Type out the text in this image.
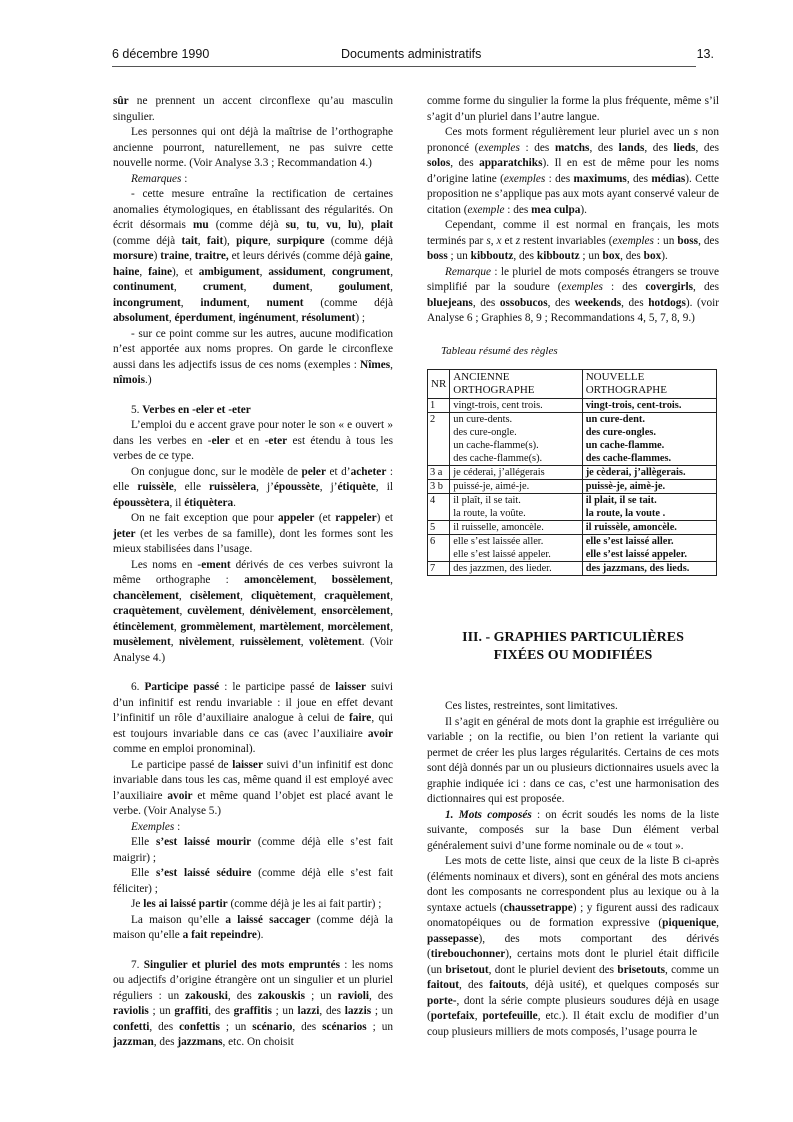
6 décembre 1990	Documents administratifs	13.

sûr ne prennent un accent circonflexe qu’au masculin singulier.

Les personnes qui ont déjà la maîtrise de l’orthographe ancienne pourront, naturellement, ne pas suivre cette nouvelle norme. (Voir Analyse 3.3 ; Recommandation 4.)

Remarques :

- cette mesure entraîne la rectification de certaines anomalies étymologiques, en établissant des régularités. On écrit désormais mu (comme déjà su, tu, vu, lu), plait (comme déjà tait, fait), piqure, surpiqure (comme déjà morsure) traine, traitre, et leurs dérivés (comme déjà gaine, haine, faine), et ambigument, assidument, congrument, continument, crument, dument, goulument, incongrument, indument, nument (comme déjà absolument, éperdument, ingénument, résolument) ;

- sur ce point comme sur les autres, aucune modification n’est apportée aux noms propres. On garde le circonflexe aussi dans les adjectifs issus de ces noms (exemples : Nîmes, nîmois.)

5. Verbes en -eler et -eter

L’emploi du e accent grave pour noter le son « e ouvert » dans les verbes en -eler et en -eter est étendu à tous les verbes de ce type.

On conjugue donc, sur le modèle de peler et d’acheter : elle ruissèle, elle ruissèlera, j’époussète, j’étiquète, il époussètera, il étiquètera.

On ne fait exception que pour appeler (et rappeler) et jeter (et les verbes de sa famille), dont les formes sont les mieux stabilisées dans l’usage.

Les noms en -ement dérivés de ces verbes suivront la même orthographe : amoncèlement, bossèlement, chancèlement, cisèlement, cliquètement, craquèlement, craquètement, cuvèlement, dénivèlement, ensorcèlement, étincèlement, grommèlement, martèlement, morcèlement, musèlement, nivèlement, ruissèlement, volètement. (Voir Analyse 4.)

6. Participe passé : le participe passé de laisser suivi d’un infinitif est rendu invariable : il joue en effet devant l’infinitif un rôle d’auxiliaire analogue à celui de faire, qui est toujours invariable dans ce cas (avec l’auxiliaire avoir comme en emploi pronominal).

Le participe passé de laisser suivi d’un infinitif est donc invariable dans tous les cas, même quand il est employé avec l’auxiliaire avoir et même quand l’objet est placé avant le verbe. (Voir Analyse 5.)

Exemples :

Elle s’est laissé mourir (comme déjà elle s’est fait maigrir) ;

Elle s’est laissé séduire (comme déjà elle s’est fait féliciter) ;

Je les ai laissé partir (comme déjà je les ai fait partir) ;

La maison qu’elle a laissé saccager (comme déjà la maison qu’elle a fait repeindre).

7. Singulier et pluriel des mots empruntés : les noms ou adjectifs d’origine étrangère ont un singulier et un pluriel réguliers : un zakouski, des zakouskis ; un ravioli, des raviolis ; un graffiti, des graffitis ; un lazzi, des lazzis ; un confetti, des confettis ; un scénario, des scénarios ; un jazzman, des jazzmans, etc. On choisit

comme forme du singulier la forme la plus fréquente, même s’il s’agit d’un pluriel dans l’autre langue.

Ces mots forment régulièrement leur pluriel avec un s non prononcé (exemples : des matchs, des lands, des lieds, des solos, des apparatchiks). Il en est de même pour les noms d’origine latine (exemples : des maximums, des médias). Cette proposition ne s’applique pas aux mots ayant conservé valeur de citation (exemple : des mea culpa).

Cependant, comme il est normal en français, les mots terminés par s, x et z restent invariables (exemples : un boss, des boss ; un kibboutz, des kibboutz ; un box, des box).

Remarque : le pluriel de mots composés étrangers se trouve simplifié par la soudure (exemples : des covergirls, des bluejeans, des ossobucos, des weekends, des hotdogs). (voir Analyse 6 ; Graphies 8, 9 ; Recommandations 4, 5, 7, 8, 9.)

Tableau résumé des règles
NR	ANCIENNE ORTHOGRAPHE	NOUVELLE ORTHOGRAPHE
1	vingt-trois, cent trois.	vingt-trois, cent-trois.
2	un cure-dents.
des cure-ongle.
un cache-flamme(s).
des cache-flamme(s).	un cure-dent.
des cure-ongles.
un cache-flamme.
des cache-flammes.
3 a	je céderai, j’allégerais	je cèderai, j’allègerais.
3 b	puissé-je, aimé-je.	puissè-je, aimè-je.
4	il plaît, il se tait.
la route, la voûte.	il plait, il se tait.
la route, la voute .
5	il ruisselle, amoncèle.	il ruissèle, amoncèle.
6	elle s’est laissée aller.
elle s’est laissé appeler.	elle s’est laissé aller.
elle s’est laissé appeler.
7	des jazzmen, des lieder.	des jazzmans, des lieds.
III. - GRAPHIES PARTICULIÈRES
FIXÉES OU MODIFIÉES

Ces listes, restreintes, sont limitatives.

Il s’agit en général de mots dont la graphie est irrégulière ou variable ; on la rectifie, ou bien l’on retient la variante qui permet de créer les plus larges régularités. Certains de ces mots sont déjà donnés par un ou plusieurs dictionnaires usuels avec la graphie indiquée ici : dans ce cas, c’est une harmonisation des dictionnaires qui est proposée.

1. Mots composés : on écrit soudés les noms de la liste suivante, composés sur la base Dun élément verbal généralement suivi d’une forme nominale ou de « tout ».

Les mots de cette liste, ainsi que ceux de la liste B ci-après (éléments nominaux et divers), sont en général des mots anciens dont les composants ne correspondent plus au lexique ou à la syntaxe actuels (chaussetrappe) ; y figurent aussi des radicaux onomatopéiques ou de formation expressive (piquenique, passepasse), des mots comportant des dérivés (tirebouchonner), certains mots dont le pluriel était difficile (un brisetout, dont le pluriel devient des brisetouts, comme un faitout, des faitouts, déjà usité), et quelques composés sur porte-, dont la série compte plusieurs soudures déjà en usage (portefaix, portefeuille, etc.). Il était exclu de modifier d’un coup plusieurs milliers de mots composés, l’usage pourra le
